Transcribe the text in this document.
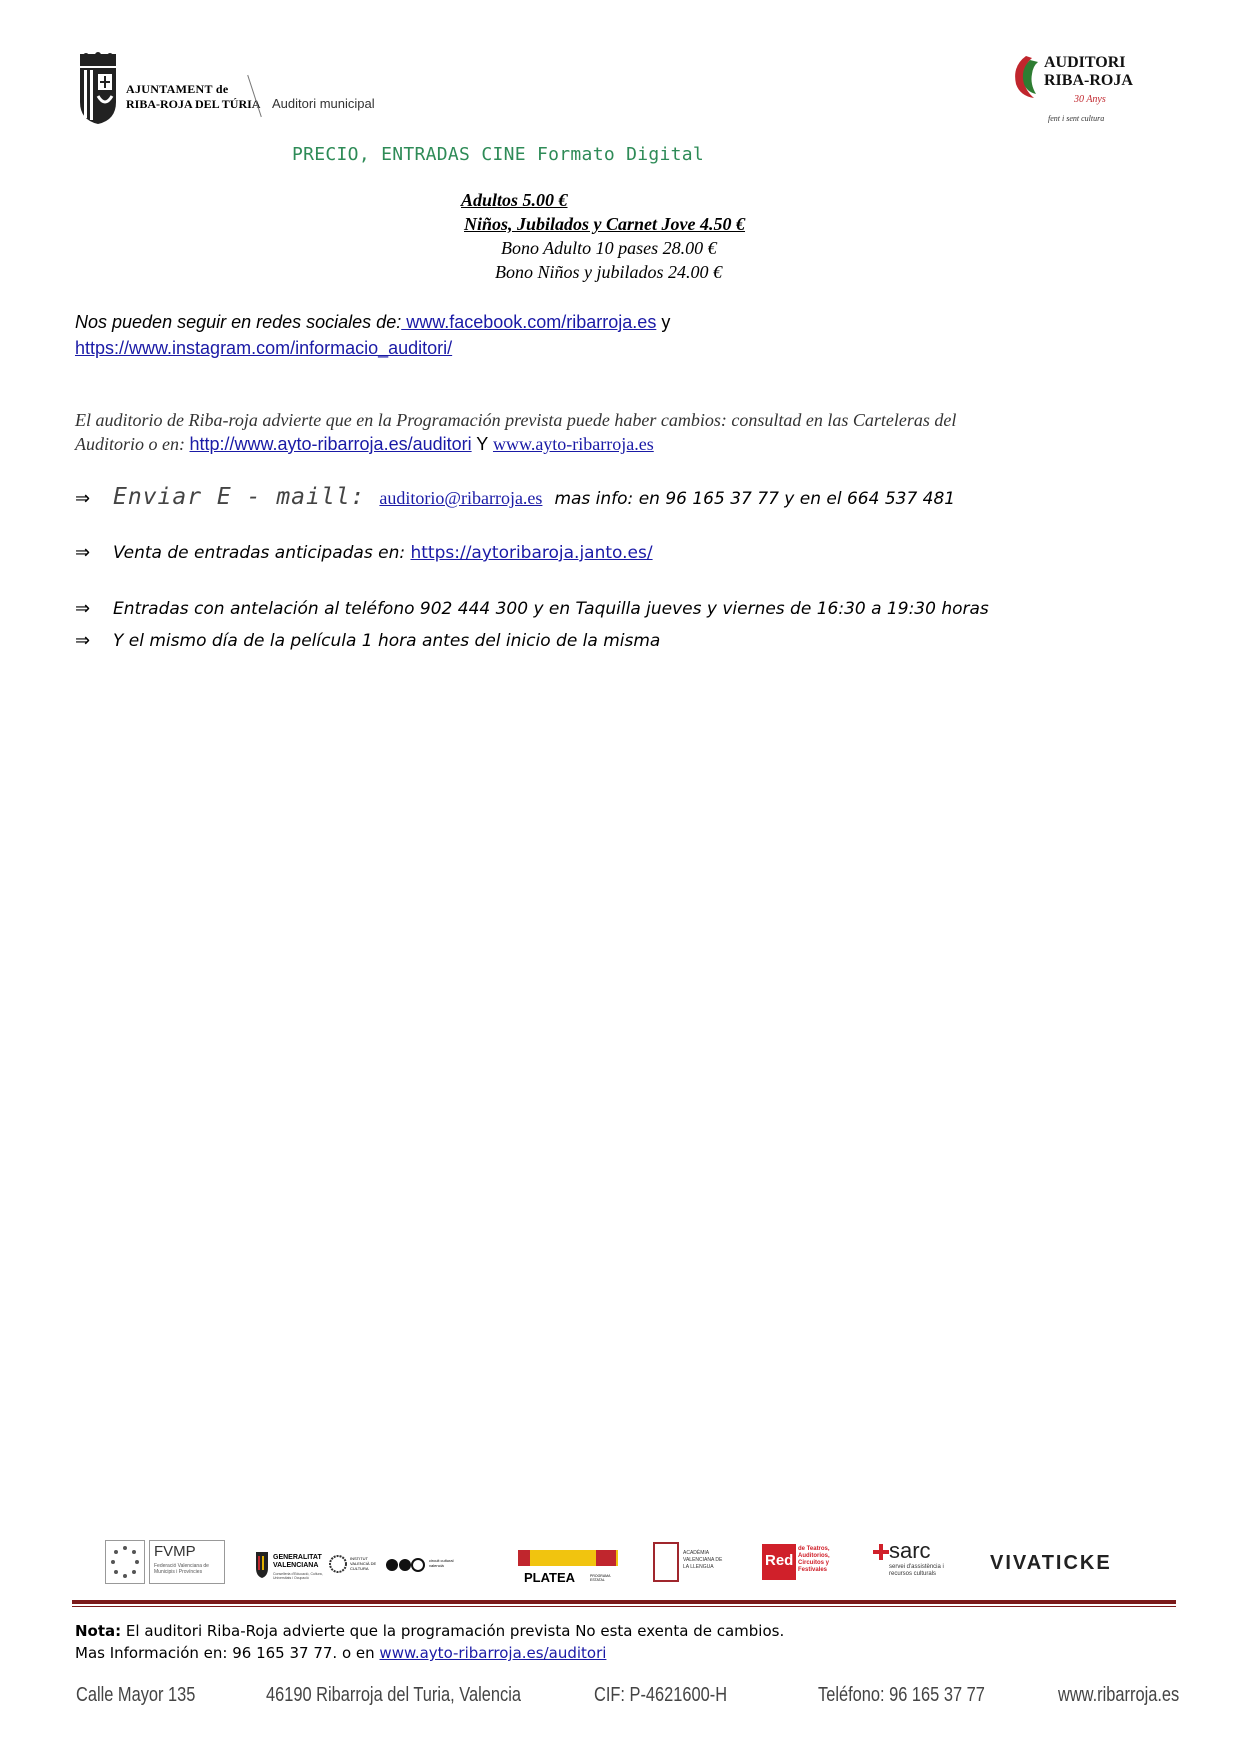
AJUNTAMENT de
RIBA-ROJA DEL TÚRIA Auditori municipal
AUDITORI
RIBA-ROJA
30 Anys
fent i sent cultura
PRECIO, ENTRADAS CINE Formato Digital
Adultos 5.00 €
Niños, Jubilados y Carnet Jove 4.50 €
Bono Adulto 10 pases 28.00 €
Bono Niños y jubilados 24.00 €
Nos pueden seguir en redes sociales de: www.facebook.com/ribarroja.es y
https://www.instagram.com/informacio_auditori/
El auditorio de Riba-roja advierte que en la Programación prevista puede haber cambios: consultad en las Carteleras del
Auditorio o en: http://www.ayto-ribarroja.es/auditori Y www.ayto-ribarroja.es
⇒ Enviar E - maill: auditorio@ribarroja.es mas info: en 96 165 37 77 y en el 664 537 481
⇒ Venta de entradas anticipadas en: https://aytoribaroja.janto.es/
⇒ Entradas con antelación al teléfono 902 444 300 y en Taquilla jueves y viernes de 16:30 a 19:30 horas
⇒ Y el mismo día de la película 1 hora antes del inicio de la misma
FVMP
Federació Valenciana de Municipis i Províncies
GENERALITAT VALENCIANA
Conselleria d'Educació, Cultura, Universitats i Ocupació
INSTITUT VALENCIÀ DE CULTURA
circuit cultural valencià
PLATEA	PROGRAMA ESTATAL
ACADÈMIA VALENCIANA DE LA LLENGUA	Red
de Teatros, Auditorios, Circuitos y Festivales
sarc
servei d'assistència i recursos culturals	VIVATICKE
Nota: El auditori Riba-Roja advierte que la programación prevista No esta exenta de cambios.
Mas Información en: 96 165 37 77. o en www.ayto-ribarroja.es/auditori
Calle Mayor 135	46190 Ribarroja del Turia, Valencia	CIF: P-4621600-H	Teléfono: 96 165 37 77	www.ribarroja.es
